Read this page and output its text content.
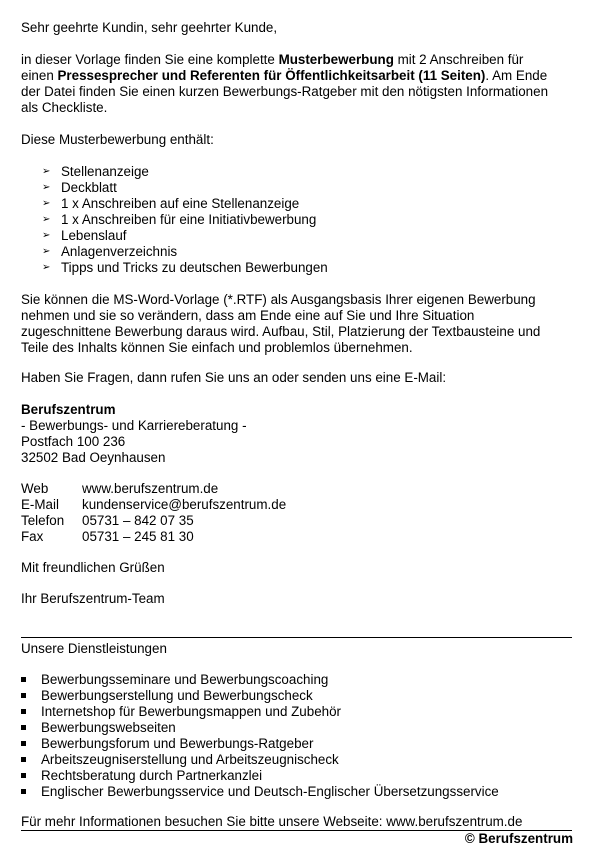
Sehr geehrte Kundin, sehr geehrter Kunde,
in dieser Vorlage finden Sie eine komplette Musterbewerbung mit 2 Anschreiben für
einen Pressesprecher und Referenten für Öffentlichkeitsarbeit (11 Seiten). Am Ende
der Datei finden Sie einen kurzen Bewerbungs-Ratgeber mit den nötigsten Informationen
als Checkliste.
Diese Musterbewerbung enthält:
➢ Stellenanzeige
➢ Deckblatt
➢ 1 x Anschreiben auf eine Stellenanzeige
➢ 1 x Anschreiben für eine Initiativbewerbung
➢ Lebenslauf
➢ Anlagenverzeichnis
➢ Tipps und Tricks zu deutschen Bewerbungen
Sie können die MS-Word-Vorlage (*.RTF) als Ausgangsbasis Ihrer eigenen Bewerbung
nehmen und sie so verändern, dass am Ende eine auf Sie und Ihre Situation
zugeschnittene Bewerbung daraus wird. Aufbau, Stil, Platzierung der Textbausteine und
Teile des Inhalts können Sie einfach und problemlos übernehmen.
Haben Sie Fragen, dann rufen Sie uns an oder senden uns eine E-Mail:
Berufszentrum
- Bewerbungs- und Karriereberatung -
Postfach 100 236
32502 Bad Oeynhausen
Web	www.berufszentrum.de
E-Mail kundenservice@berufszentrum.de
Telefon 05731 – 842 07 35
Fax	05731 – 245 81 30
Mit freundlichen Grüßen
Ihr Berufszentrum-Team
Unsere Dienstleistungen
Bewerbungsseminare und Bewerbungscoaching
Bewerbungserstellung und Bewerbungscheck
Internetshop für Bewerbungsmappen und Zubehör
Bewerbungswebseiten
Bewerbungsforum und Bewerbungs-Ratgeber
Arbeitszeugniserstellung und Arbeitszeugnischeck
Rechtsberatung durch Partnerkanzlei
Englischer Bewerbungsservice und Deutsch-Englischer Übersetzungsservice
Für mehr Informationen besuchen Sie bitte unsere Webseite: www.berufszentrum.de
© Berufszentrum
